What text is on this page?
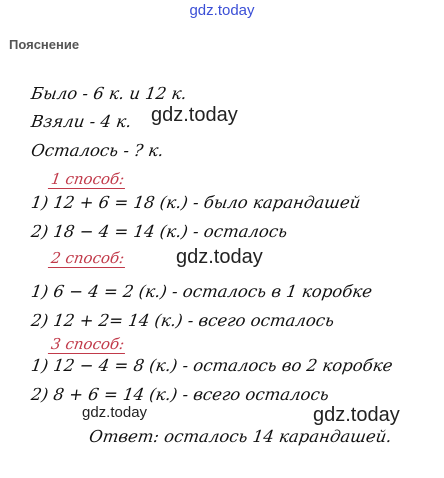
gdz.today
Пояснение
Было - 6 к. и 12 к.
Взяли - 4 к.
Осталось - ? к.
1 способ:
1) 12 + 6 = 18 (к.) - было карандашей
2) 18 − 4 = 14 (к.) - осталось
2 способ:
1) 6 − 4 = 2 (к.) - осталось в 1 коробке
2) 12 + 2= 14 (к.) - всего осталось
3 способ:
1) 12 − 4 = 8 (к.) - осталось во 2 коробке
2) 8 + 6 = 14 (к.) - всего осталось
Ответ: осталось 14 карандашей.
gdz.today
gdz.today
gdz.today	gdz.today
